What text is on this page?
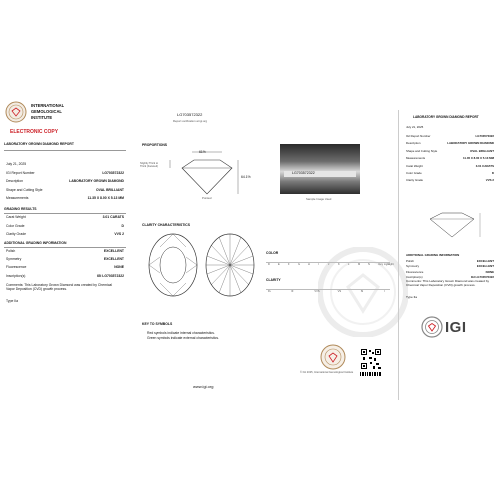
INTERNATIONAL
GEMOLOGICAL
INSTITUTE
ELECTRONIC COPY
LABORATORY GROWN DIAMOND REPORT
July 21, 2025
IGI Report Number	LG703572322
Description	LABORATORY GROWN DIAMOND
Shape and Cutting Style	OVAL BRILLIANT
Measurements	11.35 X 8.00 X 5.13 MM
GRADING RESULTS
Carat Weight	3.01 CARATS
Color Grade	D
Clarity Grade	VVS 2
ADDITIONAL GRADING INFORMATION
Polish	EXCELLENT
Symmetry	EXCELLENT
Fluorescence	NONE
Inscription(s)	IGI LG703572322
Comments: This Laboratory Grown Diamond was created by Chemical Vapor Deposition (CVD) growth process.
Type IIa
LG703572322
Report verification at igi.org
PROPORTIONS
61%
64.1%
Slightly Thick to Thick (Faceted)
Pointed
CLARITY CHARACTERISTICS
KEY TO SYMBOLS
Red symbols indicate internal characteristics.
Green symbols indicate external characteristics.
www.igi.org
LG703572322
Sample Image Used
COLOR
D	E	F	G	H	I	J	K	L	M	N	Very Light
Light
CLARITY
FL	IF	VVS	VS	SI	I
© IGI 2025, International Gemological Institute
LABORATORY GROWN DIAMOND REPORT
July 21, 2025
IGI Report Number	LG703572322
Description	LABORATORY GROWN DIAMOND
Shape and Cutting Style	OVAL BRILLIANT
Measurements	11.35 X 8.00 X 5.13 MM
Carat Weight	3.01 CARATS
Color Grade	D
Clarity Grade	VVS 2
ADDITIONAL GRADING INFORMATION
Polish	EXCELLENT
Symmetry	EXCELLENT
Fluorescence	NONE
Inscription(s)	IGI LG703572322
Comments: This Laboratory Grown Diamond was created by Chemical Vapor Deposition (CVD) growth process.
Type IIa
IGI
